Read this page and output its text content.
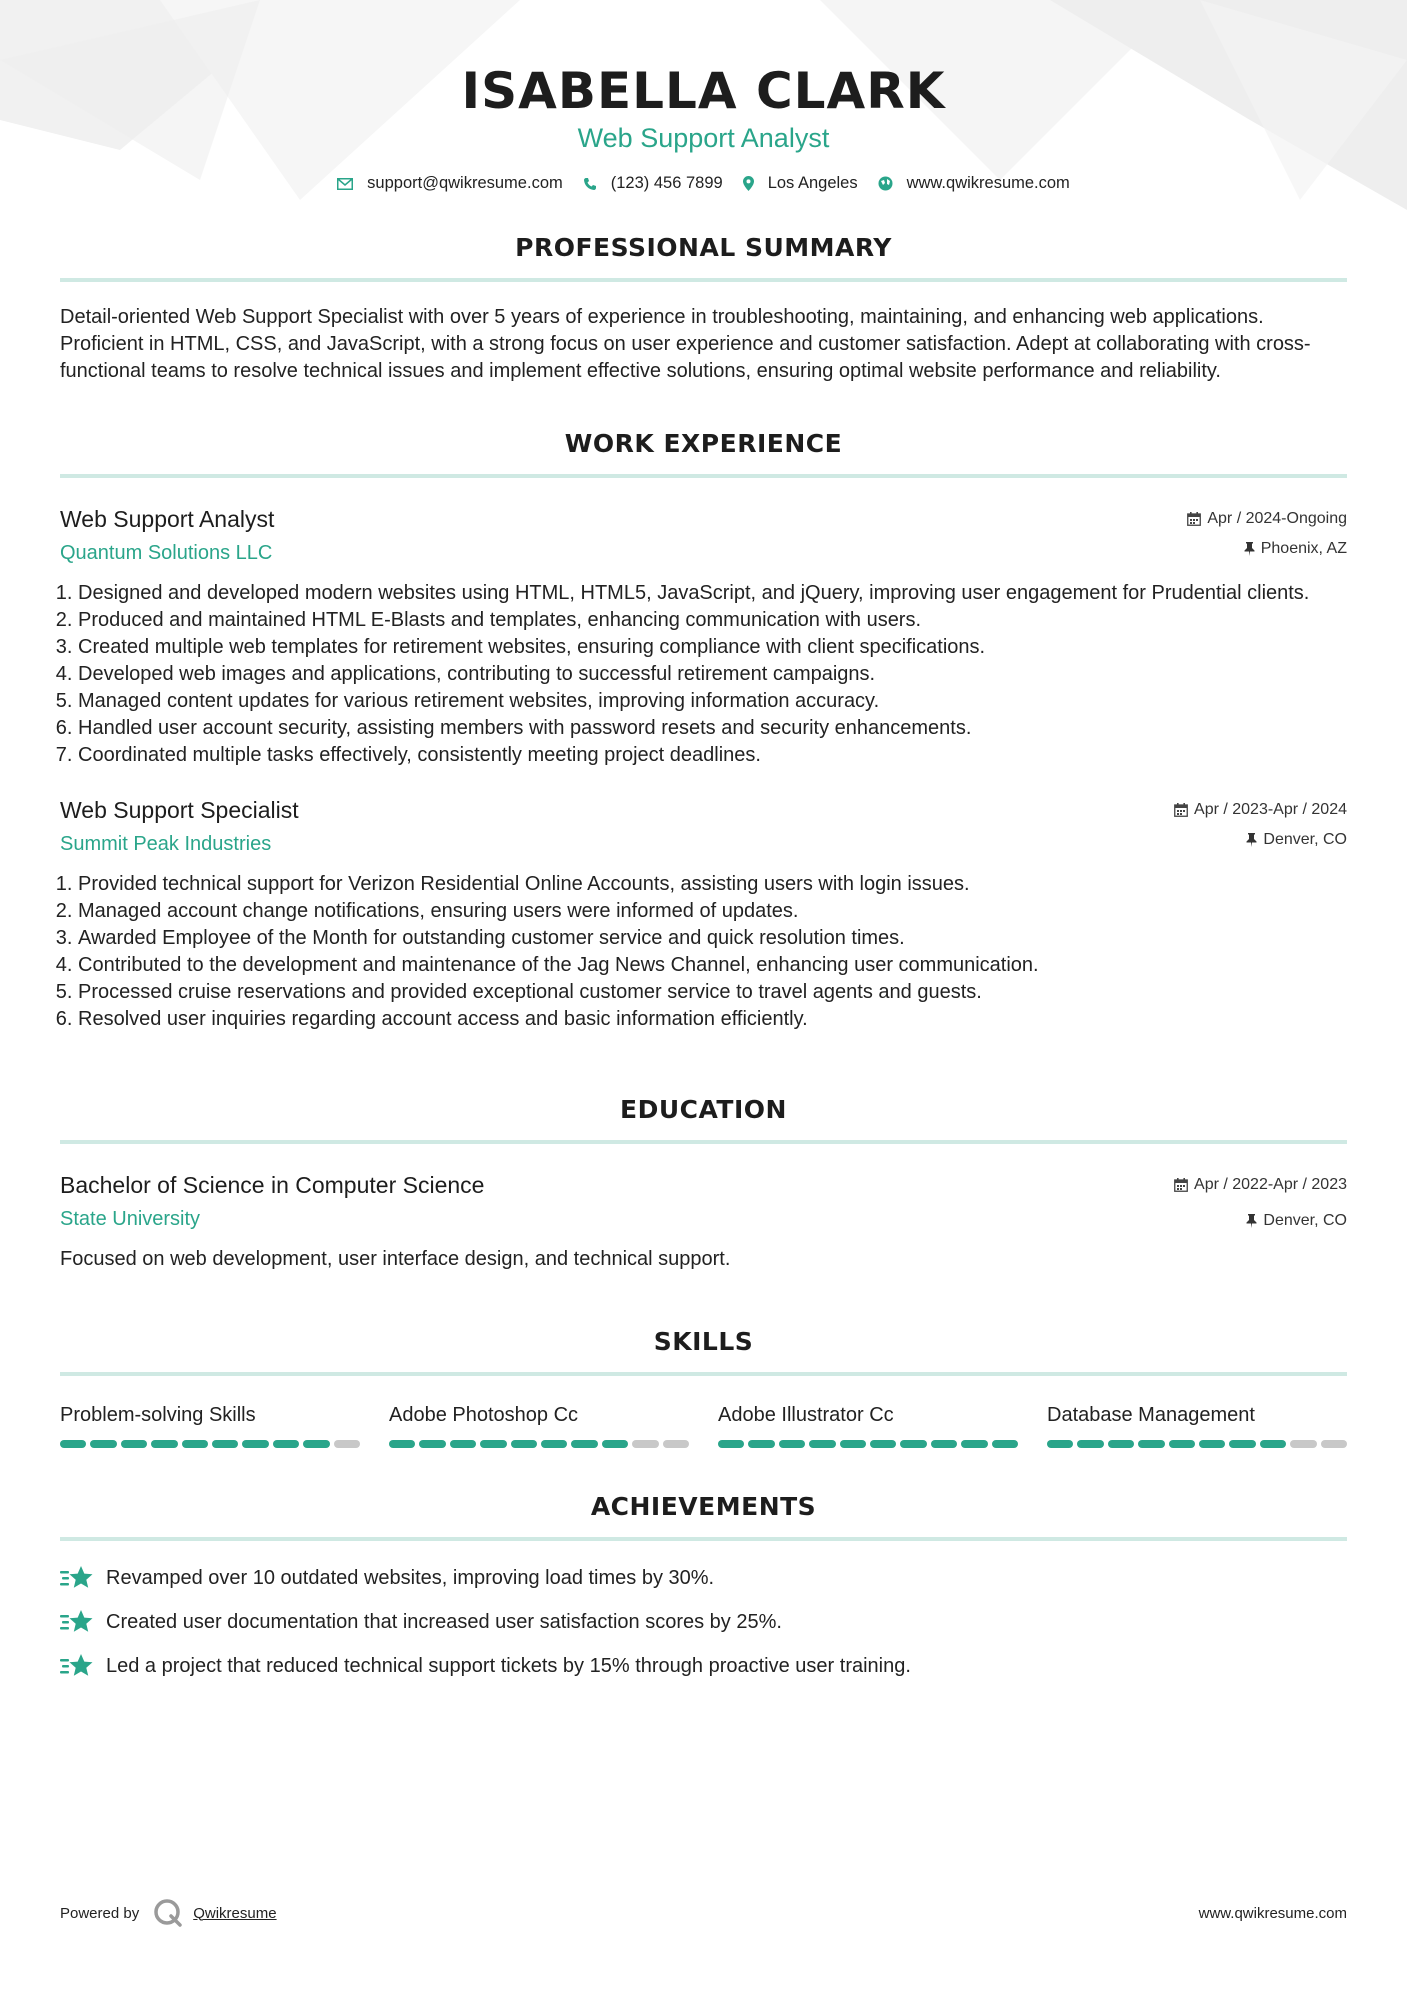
ISABELLA CLARK
Web Support Analyst
support@qwikresume.com	(123) 456 7899	Los Angeles	www.qwikresume.com
PROFESSIONAL SUMMARY

Detail-oriented Web Support Specialist with over 5 years of experience in troubleshooting, maintaining, and enhancing web applications. Proficient in HTML, CSS, and JavaScript, with a strong focus on user experience and customer satisfaction. Adept at collaborating with cross-functional teams to resolve technical issues and implement effective solutions, ensuring optimal website performance and reliability.

WORK EXPERIENCE
Web Support Analyst
Quantum Solutions LLC
Apr / 2024-Ongoing
Phoenix, AZ
1. Designed and developed modern websites using HTML, HTML5, JavaScript, and jQuery, improving user engagement for Prudential clients.
2. Produced and maintained HTML E-Blasts and templates, enhancing communication with users.
3. Created multiple web templates for retirement websites, ensuring compliance with client specifications.
4. Developed web images and applications, contributing to successful retirement campaigns.
5. Managed content updates for various retirement websites, improving information accuracy.
6. Handled user account security, assisting members with password resets and security enhancements.
7. Coordinated multiple tasks effectively, consistently meeting project deadlines.
Web Support Specialist
Summit Peak Industries
Apr / 2023-Apr / 2024
Denver, CO
1. Provided technical support for Verizon Residential Online Accounts, assisting users with login issues.
2. Managed account change notifications, ensuring users were informed of updates.
3. Awarded Employee of the Month for outstanding customer service and quick resolution times.
4. Contributed to the development and maintenance of the Jag News Channel, enhancing user communication.
5. Processed cruise reservations and provided exceptional customer service to travel agents and guests.
6. Resolved user inquiries regarding account access and basic information efficiently.
EDUCATION
Bachelor of Science in Computer Science
State University
Apr / 2022-Apr / 2023
Denver, CO

Focused on web development, user interface design, and technical support.

SKILLS
Problem-solving Skills	Adobe Photoshop Cc	Adobe Illustrator Cc	Database Management
ACHIEVEMENTS
Revamped over 10 outdated websites, improving load times by 30%.
Created user documentation that increased user satisfaction scores by 25%.
Led a project that reduced technical support tickets by 15% through proactive user training.
Powered by	Qwikresume	www.qwikresume.com
